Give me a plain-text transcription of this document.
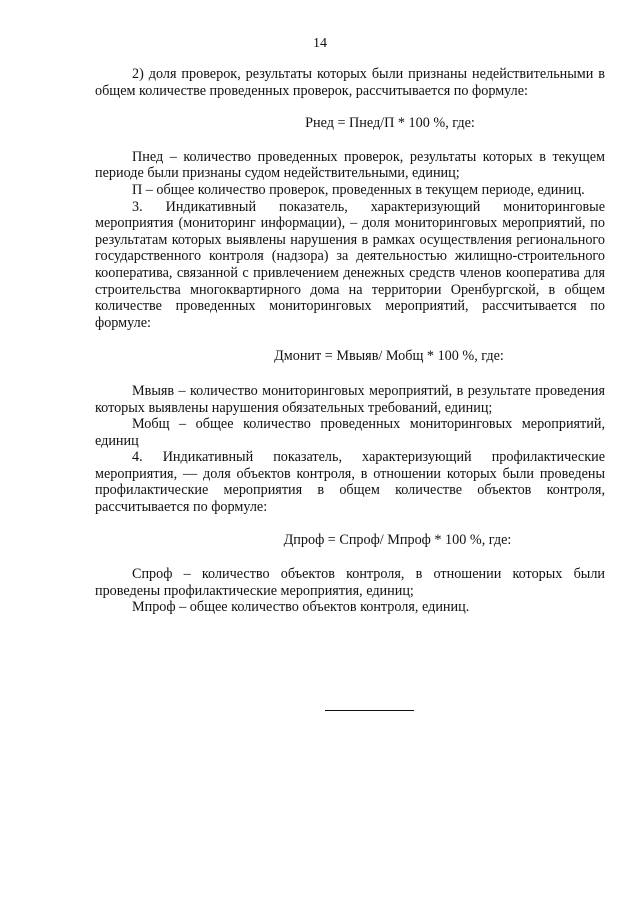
14

2) доля проверок, результаты которых были признаны недействительными в общем количестве проведенных проверок, рассчитывается по формуле:

Рнед = Пнед/П * 100 %, где:

Пнед – количество проведенных проверок, результаты которых в текущем периоде были признаны судом недействительными, единиц;

П – общее количество проверок, проведенных в текущем периоде, единиц.

3. Индикативный показатель, характеризующий мониторинговые мероприятия (мониторинг информации), – доля мониторинговых мероприятий, по результатам которых выявлены нарушения в рамках осуществления регионального государственного контроля (надзора) за деятельностью жилищно-строительного кооператива, связанной с привлечением денежных средств членов кооператива для строительства многоквартирного дома на территории Оренбургской, в общем количестве проведенных мониторинговых мероприятий, рассчитывается по формуле:

Дмонит = Мвыяв/ Мобщ * 100 %, где:

Мвыяв – количество мониторинговых мероприятий, в результате проведения которых выявлены нарушения обязательных требований, единиц;

Мобщ – общее количество проведенных мониторинговых мероприятий, единиц

4. Индикативный показатель, характеризующий профилактические мероприятия, — доля объектов контроля, в отношении которых были проведены профилактические мероприятия в общем количестве объектов контроля, рассчитывается по формуле:

Дпроф = Спроф/ Мпроф * 100 %, где:

Спроф – количество объектов контроля, в отношении которых были проведены профилактические мероприятия, единиц;

Мпроф – общее количество объектов контроля, единиц.
